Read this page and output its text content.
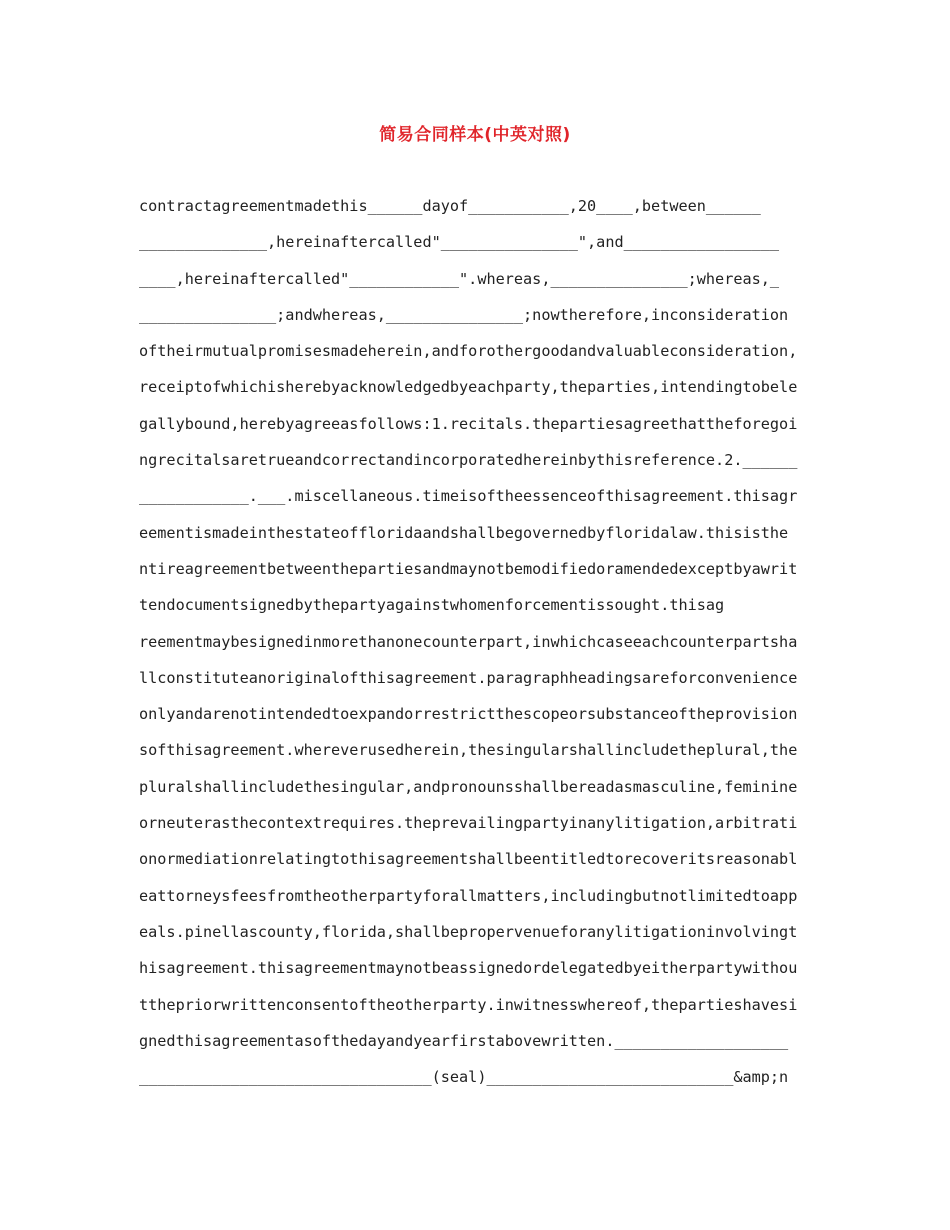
简易合同样本(中英对照)
contractagreementmadethis______dayof___________,20____,between______
______________,hereinaftercalled"_______________",and_________________
____,hereinaftercalled"____________".whereas,_______________;whereas,_
_______________;andwhereas,_______________;nowtherefore,inconsideration
oftheirmutualpromisesmadeherein,andforothergoodandvaluableconsideration,
receiptofwhichisherebyacknowledgedbyeachparty,theparties,intendingtobele
gallybound,herebyagreeasfollows:1.recitals.thepartiesagreethattheforegoi
ngrecitalsaretrueandcorrectandincorporatedhereinbythisreference.2.______
____________.___.miscellaneous.timeisoftheessenceofthisagreement.thisagr
eementismadeinthestateoffloridaandshallbegovernedbyfloridalaw.thisisthe
ntireagreementbetweenthepartiesandmaynotbemodifiedoramendedexceptbyawrit
tendocumentsignedbythepartyagainstwhomenforcementissought.thisag
reementmaybesignedinmorethanonecounterpart,inwhichcaseeachcounterpartsha
llconstituteanoriginalofthisagreement.paragraphheadingsareforconvenience
onlyandarenotintendedtoexpandorrestrictthescopeorsubstanceoftheprovision
softhisagreement.whereverusedherein,thesingularshallincludetheplural,the
pluralshallincludethesingular,andpronounsshallbereadasmasculine,feminine
orneuterasthecontextrequires.theprevailingpartyinanylitigation,arbitrati
onormediationrelatingtothisagreementshallbeentitledtorecoveritsreasonabl
eattorneysfeesfromtheotherpartyforallmatters,includingbutnotlimitedtoapp
eals.pinellascounty,florida,shallbepropervenueforanylitigationinvolvingt
hisagreement.thisagreementmaynotbeassignedordelegatedbyeitherpartywithou
tthepriorwrittenconsentoftheotherparty.inwitnesswhereof,thepartieshavesi
gnedthisagreementasofthedayandyearfirstabovewritten.___________________
________________________________(seal)___________________________&amp;n
